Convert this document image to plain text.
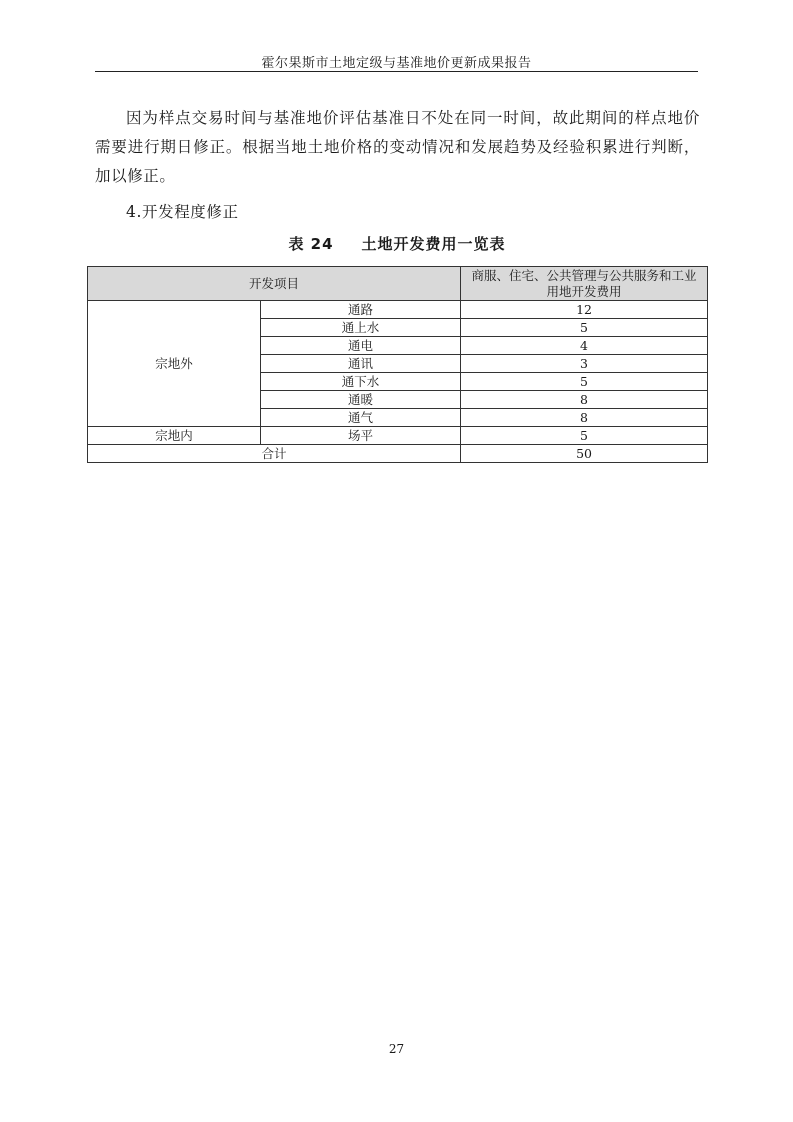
霍尔果斯市土地定级与基准地价更新成果报告
因为样点交易时间与基准地价评估基准日不处在同一时间，故此期间的样点地价需要进行期日修正。根据当地土地价格的变动情况和发展趋势及经验积累进行判断，加以修正。
4.开发程度修正
表 24 土地开发费用一览表
开发项目		商服、住宅、公共管理与公共服务和工业用地开发费用
宗地外	通路	12
	通上水	5
	通电	4
	通讯	3
	通下水	5
	通暖	8
	通气	8
宗地内	场平	5
合计		50
27
